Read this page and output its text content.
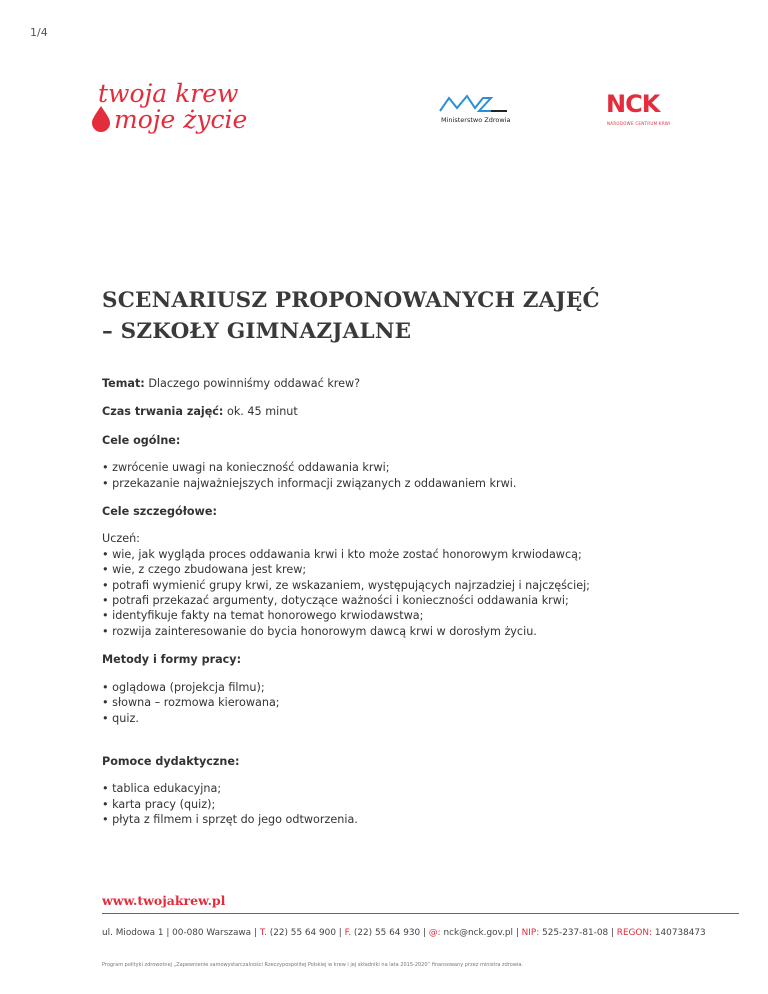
1/4
twoja krew
moje życie	Ministerstwo Zdrowia
NCK
NARODOWE CENTRUM KRWI
SCENARIUSZ PROPONOWANYCH ZAJĘĆ
– SZKOŁY GIMNAZJALNE

Temat: Dlaczego powinniśmy oddawać krew?

Czas trwania zajęć: ok. 45 minut

Cele ogólne:

• zwrócenie uwagi na konieczność oddawania krwi;

• przekazanie najważniejszych informacji związanych z oddawaniem krwi.

Cele szczegółowe:

Uczeń:

• wie, jak wygląda proces oddawania krwi i kto może zostać honorowym krwiodawcą;

• wie, z czego zbudowana jest krew;

• potrafi wymienić grupy krwi, ze wskazaniem, występujących najrzadziej i najczęściej;

• potrafi przekazać argumenty, dotyczące ważności i konieczności oddawania krwi;

• identyfikuje fakty na temat honorowego krwiodawstwa;

• rozwija zainteresowanie do bycia honorowym dawcą krwi w dorosłym życiu.

Metody i formy pracy:

• oglądowa (projekcja filmu);

• słowna – rozmowa kierowana;

• quiz.

Pomoce dydaktyczne:

• tablica edukacyjna;

• karta pracy (quiz);

• płyta z filmem i sprzęt do jego odtworzenia.

www.twojakrew.pl
ul. Miodowa 1 | 00-080 Warszawa | T. (22) 55 64 900 | F. (22) 55 64 930 | @: nck@nck.gov.pl | NIP: 525-237-81-08 | REGON: 140738473
Program polityki zdrowotnej „Zapewnienie samowystarczalności Rzeczypospolitej Polskiej w krew i jej składniki na lata 2015-2020” finansowany przez ministra zdrowia.
